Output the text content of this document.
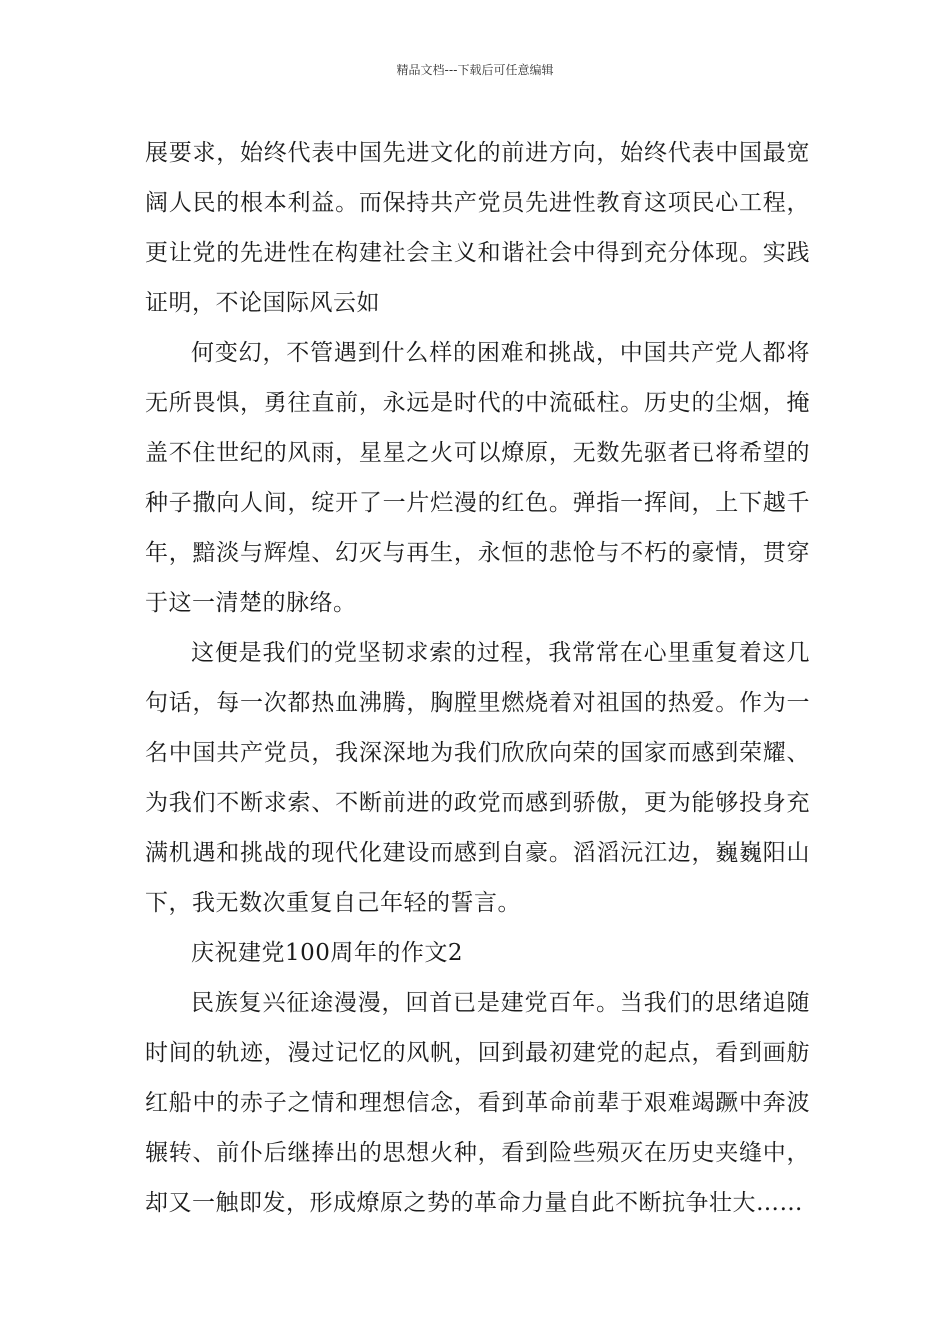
精品文档---下载后可任意编辑

展要求，始终代表中国先进文化的前进方向，始终代表中国最宽阔人民的根本利益。而保持共产党员先进性教育这项民心工程，更让党的先进性在构建社会主义和谐社会中得到充分体现。实践证明，不论国际风云如

何变幻，不管遇到什么样的困难和挑战，中国共产党人都将无所畏惧，勇往直前，永远是时代的中流砥柱。历史的尘烟，掩盖不住世纪的风雨，星星之火可以燎原，无数先驱者已将希望的种子撒向人间，绽开了一片烂漫的红色。弹指一挥间，上下越千年，黯淡与辉煌、幻灭与再生，永恒的悲怆与不朽的豪情，贯穿于这一清楚的脉络。

这便是我们的党坚韧求索的过程，我常常在心里重复着这几句话，每一次都热血沸腾，胸膛里燃烧着对祖国的热爱。作为一名中国共产党员，我深深地为我们欣欣向荣的国家而感到荣耀、为我们不断求索、不断前进的政党而感到骄傲，更为能够投身充满机遇和挑战的现代化建设而感到自豪。滔滔沅江边，巍巍阳山下，我无数次重复自己年轻的誓言。

庆祝建党100周年的作文2

民族复兴征途漫漫，回首已是建党百年。当我们的思绪追随时间的轨迹，漫过记忆的风帆，回到最初建党的起点，看到画舫红船中的赤子之情和理想信念，看到革命前辈于艰难竭蹶中奔波辗转、前仆后继捧出的思想火种，看到险些殒灭在历史夹缝中，却又一触即发，形成燎原之势的革命力量自此不断抗争壮大……
